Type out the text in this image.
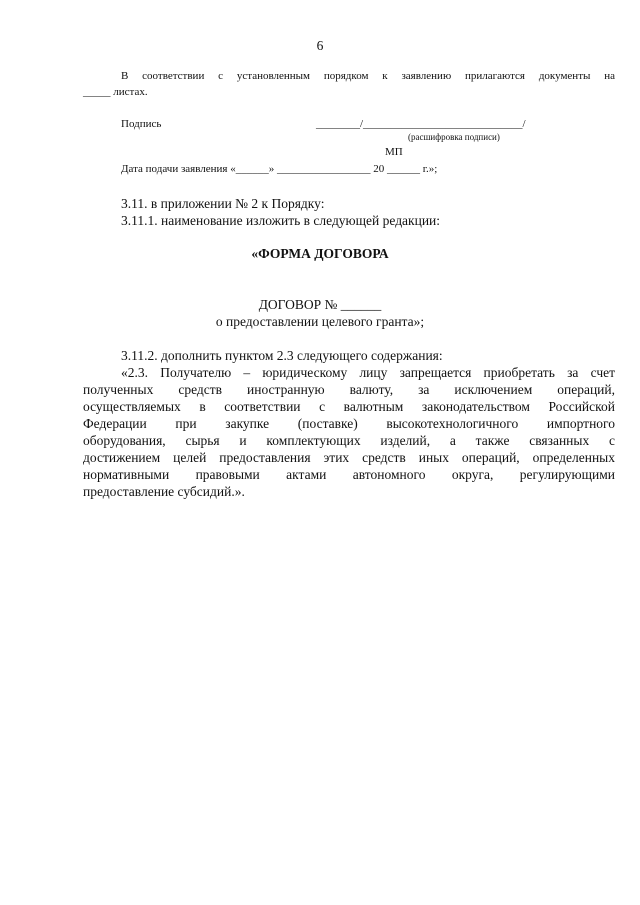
6
В соответствии с установленным порядком к заявлению прилагаются документы на
_____ листах.
Подпись	________/_____________________________/
(расшифровка подписи)
МП
Дата подачи заявления «______» _________________ 20 ______ г.»;
3.11. в приложении № 2 к Порядку:
3.11.1. наименование изложить в следующей редакции:
«ФОРМА ДОГОВОРА
ДОГОВОР № ______
о предоставлении целевого гранта»;
3.11.2. дополнить пунктом 2.3 следующего содержания:
«2.3. Получателю – юридическому лицу запрещается приобретать за счет
полученных средств иностранную валюту, за исключением операций,
осуществляемых в соответствии с валютным законодательством Российской
Федерации при закупке (поставке) высокотехнологичного импортного
оборудования, сырья и комплектующих изделий, а также связанных с
достижением целей предоставления этих средств иных операций, определенных
нормативными правовыми актами автономного округа, регулирующими
предоставление субсидий.».
